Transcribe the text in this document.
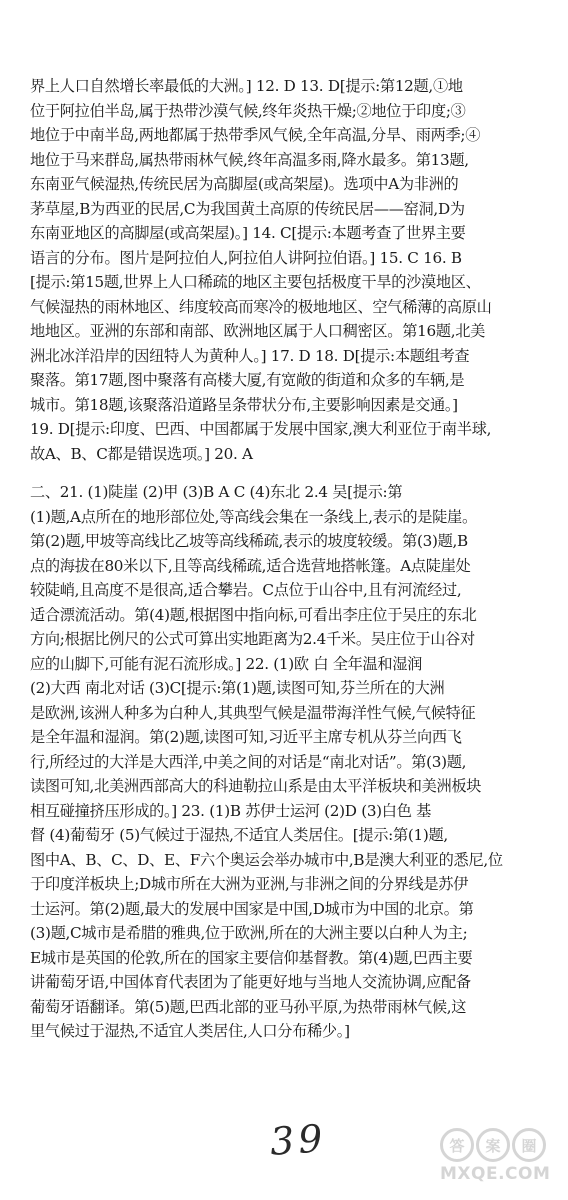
界上人口自然增长率最低的大洲。] 12. D 13. D[提示:第12题,①地
位于阿拉伯半岛,属于热带沙漠气候,终年炎热干燥;②地位于印度;③
地位于中南半岛,两地都属于热带季风气候,全年高温,分旱、雨两季;④
地位于马来群岛,属热带雨林气候,终年高温多雨,降水最多。第13题,
东南亚气候湿热,传统民居为高脚屋(或高架屋)。选项中A为非洲的
茅草屋,B为西亚的民居,C为我国黄土高原的传统民居——窑洞,D为
东南亚地区的高脚屋(或高架屋)。] 14. C[提示:本题考查了世界主要
语言的分布。图片是阿拉伯人,阿拉伯人讲阿拉伯语。] 15. C 16. B
[提示:第15题,世界上人口稀疏的地区主要包括极度干旱的沙漠地区、
气候湿热的雨林地区、纬度较高而寒冷的极地地区、空气稀薄的高原山
地地区。亚洲的东部和南部、欧洲地区属于人口稠密区。第16题,北美
洲北冰洋沿岸的因纽特人为黄种人。] 17. D 18. D[提示:本题组考查
聚落。第17题,图中聚落有高楼大厦,有宽敞的街道和众多的车辆,是
城市。第18题,该聚落沿道路呈条带状分布,主要影响因素是交通。]
19. D[提示:印度、巴西、中国都属于发展中国家,澳大利亚位于南半球,
故A、B、C都是错误选项。] 20. A
二、21. (1)陡崖 (2)甲 (3)B A C (4)东北 2.4 吴[提示:第
(1)题,A点所在的地形部位处,等高线会集在一条线上,表示的是陡崖。
第(2)题,甲坡等高线比乙坡等高线稀疏,表示的坡度较缓。第(3)题,B
点的海拔在80米以下,且等高线稀疏,适合选营地搭帐篷。A点陡崖处
较陡峭,且高度不是很高,适合攀岩。C点位于山谷中,且有河流经过,
适合漂流活动。第(4)题,根据图中指向标,可看出李庄位于吴庄的东北
方向;根据比例尺的公式可算出实地距离为2.4千米。吴庄位于山谷对
应的山脚下,可能有泥石流形成。] 22. (1)欧 白 全年温和湿润
(2)大西 南北对话 (3)C[提示:第(1)题,读图可知,芬兰所在的大洲
是欧洲,该洲人种多为白种人,其典型气候是温带海洋性气候,气候特征
是全年温和湿润。第(2)题,读图可知,习近平主席专机从芬兰向西飞
行,所经过的大洋是大西洋,中美之间的对话是“南北对话”。第(3)题,
读图可知,北美洲西部高大的科迪勒拉山系是由太平洋板块和美洲板块
相互碰撞挤压形成的。] 23. (1)B 苏伊士运河 (2)D (3)白色 基
督 (4)葡萄牙 (5)气候过于湿热,不适宜人类居住。[提示:第(1)题,
图中A、B、C、D、E、F六个奥运会举办城市中,B是澳大利亚的悉尼,位
于印度洋板块上;D城市所在大洲为亚洲,与非洲之间的分界线是苏伊
士运河。第(2)题,最大的发展中国家是中国,D城市为中国的北京。第
(3)题,C城市是希腊的雅典,位于欧洲,所在的大洲主要以白种人为主;
E城市是英国的伦敦,所在的国家主要信仰基督教。第(4)题,巴西主要
讲葡萄牙语,中国体育代表团为了能更好地与当地人交流协调,应配备
葡萄牙语翻译。第(5)题,巴西北部的亚马孙平原,为热带雨林气候,这
里气候过于湿热,不适宜人类居住,人口分布稀少。]
39	答	案	圈
MXQE.COM
